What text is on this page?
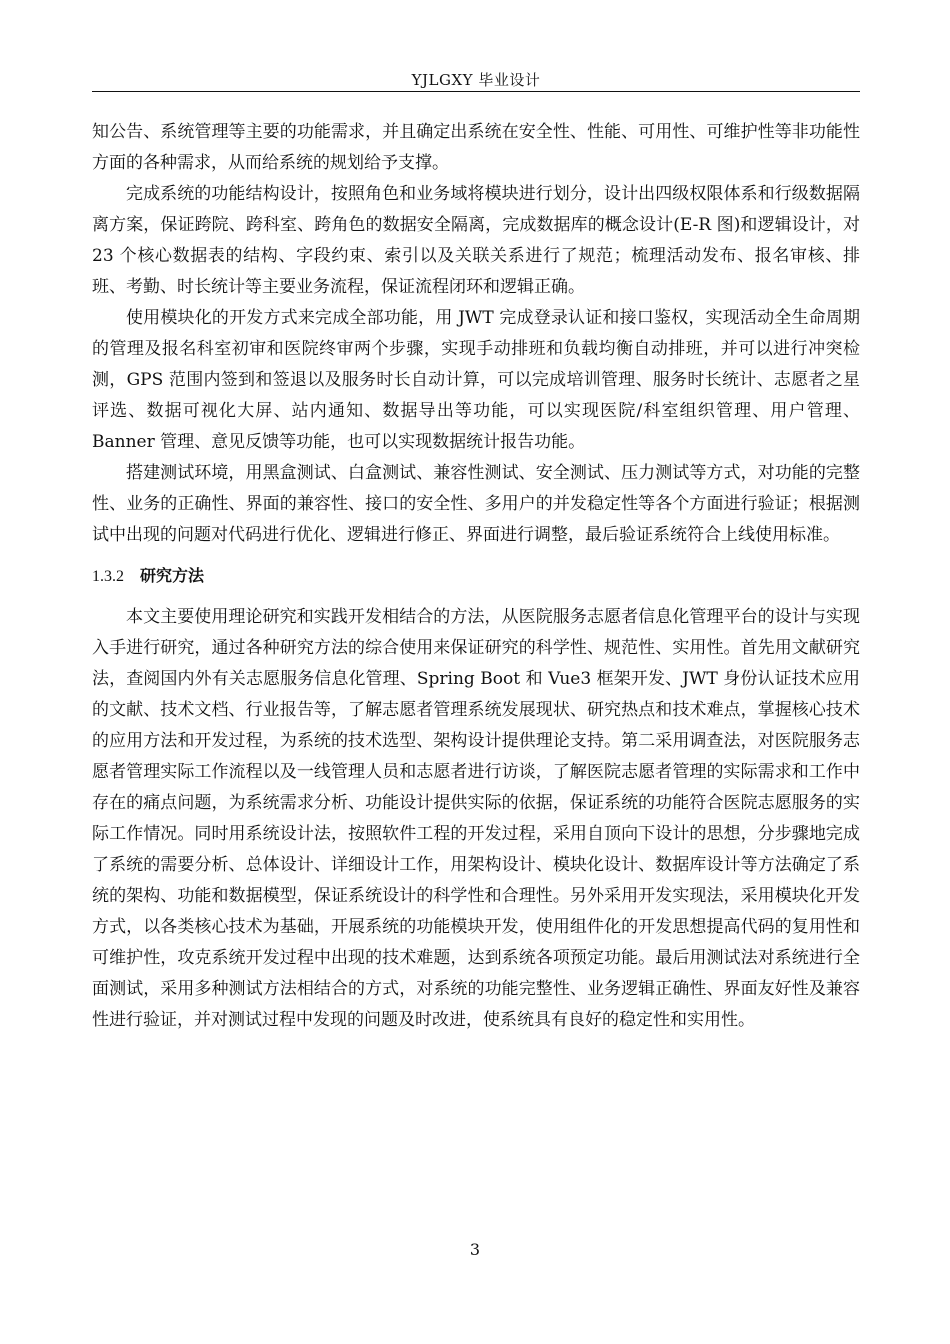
YJLGXY 毕业设计

知公告、系统管理等主要的功能需求，并且确定出系统在安全性、性能、可用性、可维护性等非功能性方面的各种需求，从而给系统的规划给予支撑。

完成系统的功能结构设计，按照角色和业务域将模块进行划分，设计出四级权限体系和行级数据隔离方案，保证跨院、跨科室、跨角色的数据安全隔离，完成数据库的概念设计(E-R 图)和逻辑设计，对 23 个核心数据表的结构、字段约束、索引以及关联关系进行了规范；梳理活动发布、报名审核、排班、考勤、时长统计等主要业务流程，保证流程闭环和逻辑正确。

使用模块化的开发方式来完成全部功能，用 JWT 完成登录认证和接口鉴权，实现活动全生命周期的管理及报名科室初审和医院终审两个步骤，实现手动排班和负载均衡自动排班，并可以进行冲突检测，GPS 范围内签到和签退以及服务时长自动计算，可以完成培训管理、服务时长统计、志愿者之星评选、数据可视化大屏、站内通知、数据导出等功能，可以实现医院/科室组织管理、用户管理、Banner 管理、意见反馈等功能，也可以实现数据统计报告功能。

搭建测试环境，用黑盒测试、白盒测试、兼容性测试、安全测试、压力测试等方式，对功能的完整性、业务的正确性、界面的兼容性、接口的安全性、多用户的并发稳定性等各个方面进行验证；根据测试中出现的问题对代码进行优化、逻辑进行修正、界面进行调整，最后验证系统符合上线使用标准。

1.3.2 研究方法

本文主要使用理论研究和实践开发相结合的方法，从医院服务志愿者信息化管理平台的设计与实现入手进行研究，通过各种研究方法的综合使用来保证研究的科学性、规范性、实用性。首先用文献研究法，查阅国内外有关志愿服务信息化管理、Spring Boot 和 Vue3 框架开发、JWT 身份认证技术应用的文献、技术文档、行业报告等，了解志愿者管理系统发展现状、研究热点和技术难点，掌握核心技术的应用方法和开发过程，为系统的技术选型、架构设计提供理论支持。第二采用调查法，对医院服务志愿者管理实际工作流程以及一线管理人员和志愿者进行访谈，了解医院志愿者管理的实际需求和工作中存在的痛点问题，为系统需求分析、功能设计提供实际的依据，保证系统的功能符合医院志愿服务的实际工作情况。同时用系统设计法，按照软件工程的开发过程，采用自顶向下设计的思想，分步骤地完成了系统的需要分析、总体设计、详细设计工作，用架构设计、模块化设计、数据库设计等方法确定了系统的架构、功能和数据模型，保证系统设计的科学性和合理性。另外采用开发实现法，采用模块化开发方式，以各类核心技术为基础，开展系统的功能模块开发，使用组件化的开发思想提高代码的复用性和可维护性，攻克系统开发过程中出现的技术难题，达到系统各项预定功能。最后用测试法对系统进行全面测试，采用多种测试方法相结合的方式，对系统的功能完整性、业务逻辑正确性、界面友好性及兼容性进行验证，并对测试过程中发现的问题及时改进，使系统具有良好的稳定性和实用性。

3
